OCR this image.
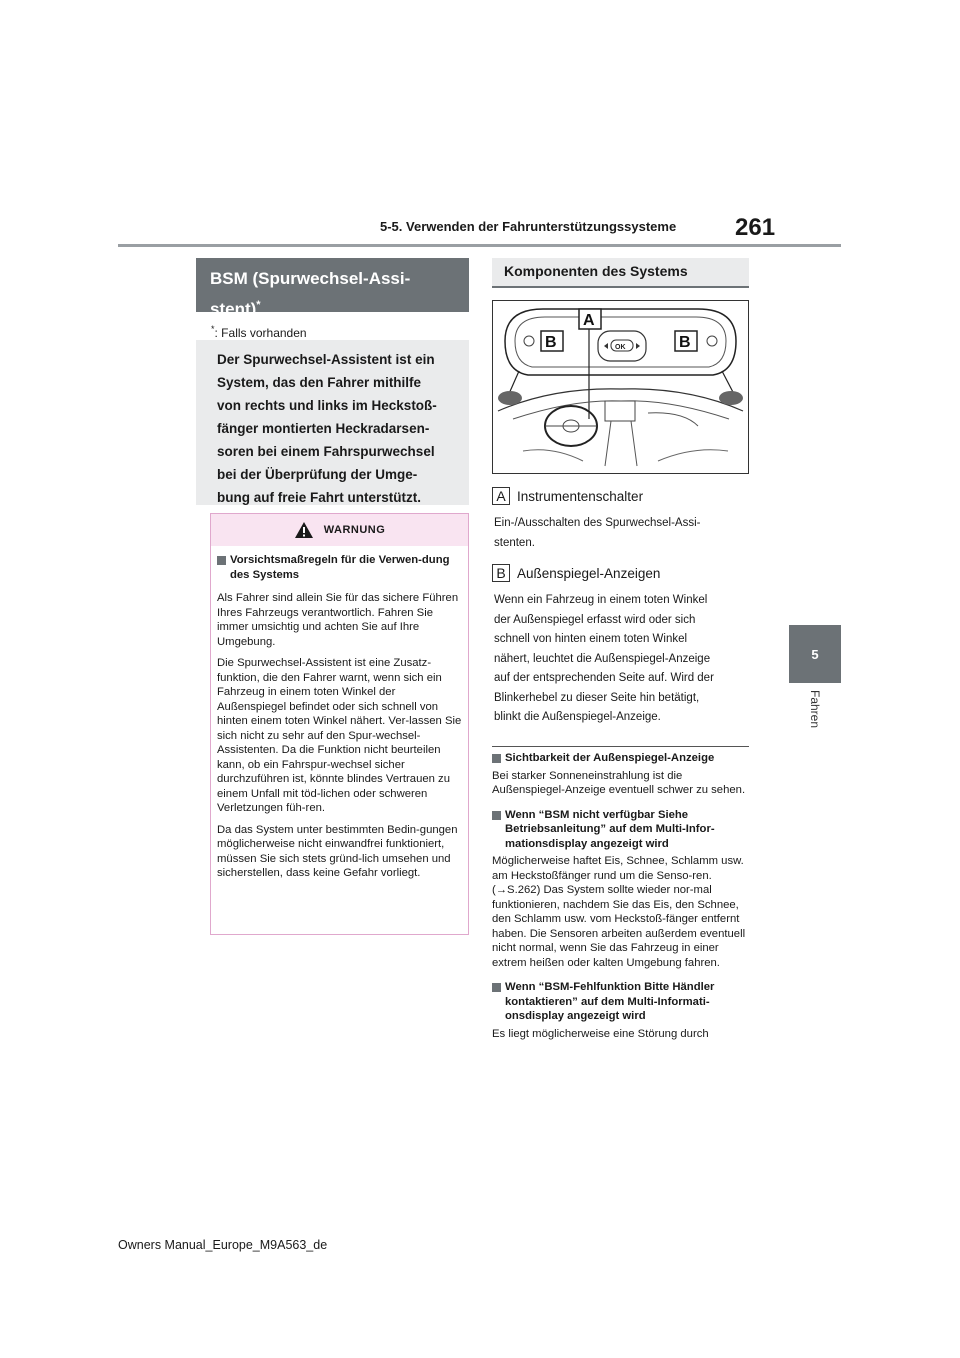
5-5. Verwenden der Fahrunterstützungssysteme 261
5
Fahren
BSM (Spurwechsel-Assi-
stent)*
*: Falls vorhanden
Der Spurwechsel-Assistent ist ein
System, das den Fahrer mithilfe
von rechts und links im Heckstoß-
fänger montierten Heckradarsen-
soren bei einem Fahrspurwechsel
bei der Überprüfung der Umge-
bung auf freie Fahrt unterstützt.
WARNUNG
Vorsichtsmaßregeln für die Verwen-dung des Systems

Als Fahrer sind allein Sie für das sichere Führen Ihres Fahrzeugs verantwortlich. Fahren Sie immer umsichtig und achten Sie auf Ihre Umgebung.

Die Spurwechsel-Assistent ist eine Zusatz-funktion, die den Fahrer warnt, wenn sich ein Fahrzeug in einem toten Winkel der Außenspiegel befindet oder sich schnell von hinten einem toten Winkel nähert. Ver-lassen Sie sich nicht zu sehr auf den Spur-wechsel-Assistenten. Da die Funktion nicht beurteilen kann, ob ein Fahrspur-wechsel sicher durchzuführen ist, könnte blindes Vertrauen zu einem Unfall mit töd-lichen oder schweren Verletzungen füh-ren.

Da das System unter bestimmten Bedin-gungen möglicherweise nicht einwandfrei funktioniert, müssen Sie sich stets gründ-lich umsehen und sicherstellen, dass keine Gefahr vorliegt.

Komponenten des Systems
B	B
A
OK
A Instrumentenschalter
Ein-/Ausschalten des Spurwechsel-Assi-
stenten.
B Außenspiegel-Anzeigen
Wenn ein Fahrzeug in einem toten Winkel
der Außenspiegel erfasst wird oder sich
schnell von hinten einem toten Winkel
nähert, leuchtet die Außenspiegel-Anzeige
auf der entsprechenden Seite auf. Wird der
Blinkerhebel zu dieser Seite hin betätigt,
blinkt die Außenspiegel-Anzeige.
Sichtbarkeit der Außenspiegel-Anzeige

Bei starker Sonneneinstrahlung ist die Außenspiegel-Anzeige eventuell schwer zu sehen.

Wenn “BSM nicht verfügbar Siehe Betriebsanleitung” auf dem Multi-Infor-mationsdisplay angezeigt wird

Möglicherweise haftet Eis, Schnee, Schlamm usw. am Heckstoßfänger rund um die Senso-ren. (→S.262) Das System sollte wieder nor-mal funktionieren, nachdem Sie das Eis, den Schnee, den Schlamm usw. vom Heckstoß-fänger entfernt haben. Die Sensoren arbeiten außerdem eventuell nicht normal, wenn Sie das Fahrzeug in einer extrem heißen oder kalten Umgebung fahren.

Wenn “BSM-Fehlfunktion Bitte Händler kontaktieren” auf dem Multi-Informati-onsdisplay angezeigt wird

Es liegt möglicherweise eine Störung durch

Owners Manual_Europe_M9A563_de
